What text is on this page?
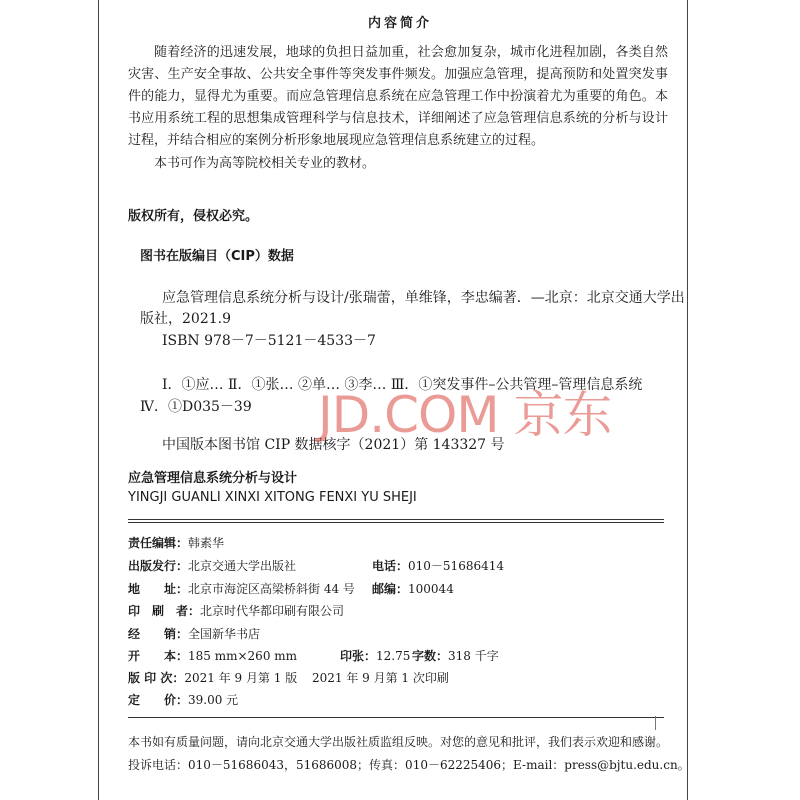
内容简介

随着经济的迅速发展，地球的负担日益加重，社会愈加复杂，城市化进程加剧，各类自然灾害、生产安全事故、公共安全事件等突发事件频发。加强应急管理，提高预防和处置突发事件的能力，显得尤为重要。而应急管理信息系统在应急管理工作中扮演着尤为重要的角色。本书应用系统工程的思想集成管理科学与信息技术，详细阐述了应急管理信息系统的分析与设计过程，并结合相应的案例分析形象地展现应急管理信息系统建立的过程。

本书可作为高等院校相关专业的教材。

版权所有，侵权必究。
图书在版编目（CIP）数据
应急管理信息系统分析与设计/张瑞蕾，单维锋，李忠编著．—北京：北京交通大学出
版社，2021.9
ISBN 978－7－5121－4533－7
Ⅰ．①应… Ⅱ．①张… ②单… ③李… Ⅲ．①突发事件–公共管理–管理信息系统
Ⅳ．①D035－39
中国版本图书馆 CIP 数据核字（2021）第 143327 号
JD.COM 京东
应急管理信息系统分析与设计
YINGJI GUANLI XINXI XITONG FENXI YU SHEJI
责任编辑：韩素华
出版发行：北京交通大学出版社	电话：010－51686414
地　　址：北京市海淀区高梁桥斜街 44 号 邮编：100044
印　刷　者：北京时代华都印刷有限公司
经　　销：全国新华书店
开　　本：185 mm×260 mm	印张：12.75 字数：318 千字
版 印 次：2021 年 9 月第 1 版 2021 年 9 月第 1 次印刷
定　　价：39.00 元
本书如有质量问题，请向北京交通大学出版社质监组反映。对您的意见和批评，我们表示欢迎和感谢。
投诉电话：010－51686043，51686008；传真：010－62225406；E-mail：press@bjtu.edu.cn。
